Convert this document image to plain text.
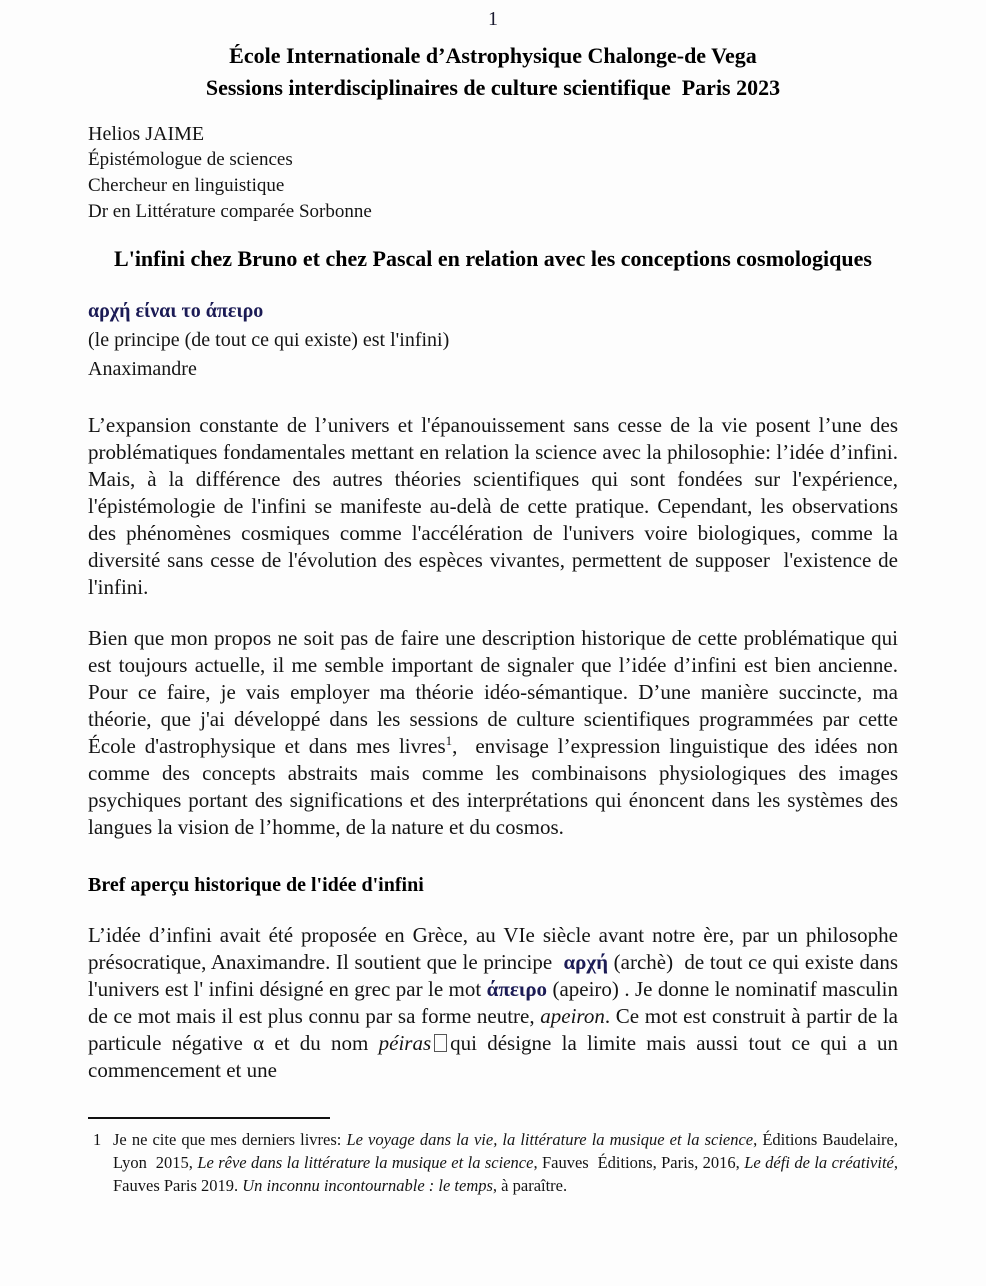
1
École Internationale d’Astrophysique Chalonge-de Vega
Sessions interdisciplinaires de culture scientifique  Paris 2023
Helios JAIME
Épistémologue de sciences
Chercheur en linguistique
Dr en Littérature comparée Sorbonne
L'infini chez Bruno et chez Pascal en relation avec les conceptions cosmologiques
αρχή είναι το άπειρο
(le principe (de tout ce qui existe) est l'infini)
Anaximandre

L’expansion constante de l’univers et l'épanouissement sans cesse de la vie posent l’une des problématiques fondamentales mettant en relation la science avec la philosophie: l’idée d’infini. Mais, à la différence des autres théories scientifiques qui sont fondées sur l'expérience, l'épistémologie de l'infini se manifeste au-delà de cette pratique. Cependant, les observations des phénomènes cosmiques comme l'accélération de l'univers voire biologiques, comme la diversité sans cesse de l'évolution des espèces vivantes, permettent de supposer  l'existence de l'infini.

Bien que mon propos ne soit pas de faire une description historique de cette problématique qui est toujours actuelle, il me semble important de signaler que l’idée d’infini est bien ancienne. Pour ce faire, je vais employer ma théorie idéo-sémantique. D’une manière succincte, ma théorie, que j'ai développé dans les sessions de culture scientifiques programmées par cette École d'astrophysique et dans mes livres$^1$,  envisage l’expression linguistique des idées non comme des concepts abstraits mais comme les combinaisons physiologiques des images psychiques portant des significations et des interprétations qui énoncent dans les systèmes des langues la vision de l’homme, de la nature et du cosmos.

Bref aperçu historique de l'idée d'infini

L’idée d’infini avait été proposée en Grèce, au VIe siècle avant notre ère, par un philosophe présocratique, Anaximandre. Il soutient que le principe  αρχή (archè)  de tout ce qui existe dans l'univers est l' infini désigné en grec par le mot άπειρο (apeiro) . Je donne le nominatif masculin de ce mot mais il est plus connu par sa forme neutre, apeiron. Ce mot est construit à partir de la particule négative α et du nom péiras qui désigne la limite mais aussi tout ce qui a un commencement et une

1 Je ne cite que mes derniers livres: Le voyage dans la vie, la littérature la musique et la science, Éditions Baudelaire, Lyon  2015, Le rêve dans la littérature la musique et la science, Fauves  Éditions, Paris, 2016, Le défi de la créativité, Fauves Paris 2019. Un inconnu incontournable : le temps, à paraître.
